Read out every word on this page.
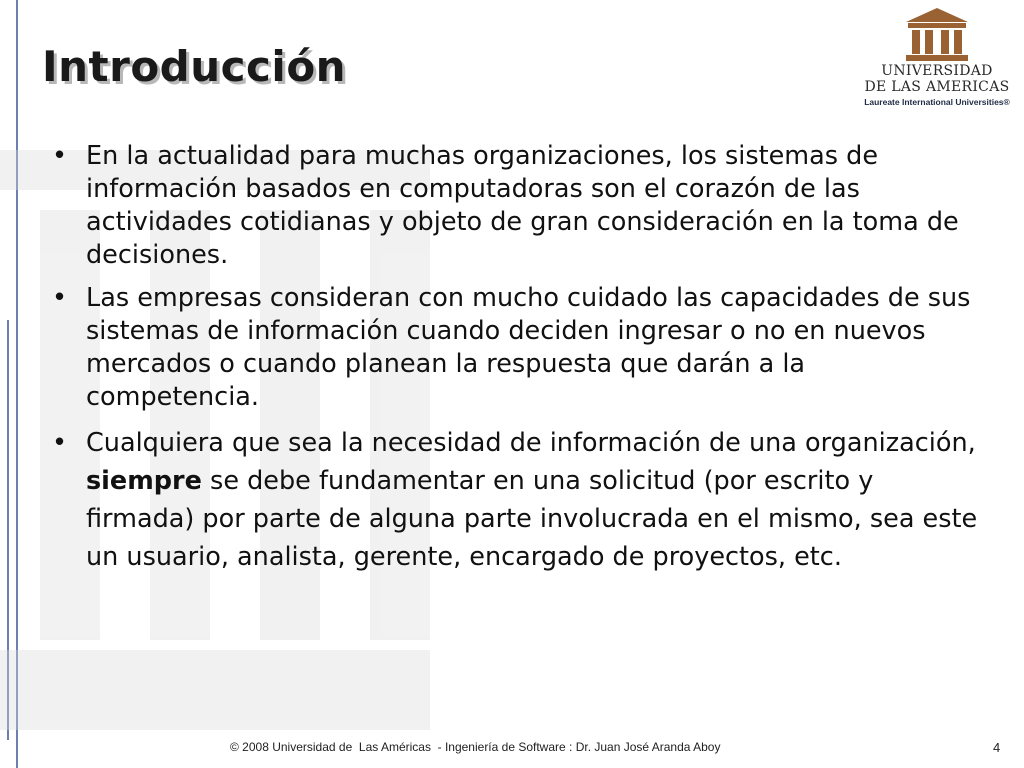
Introducción	UNIVERSIDAD
DE LAS AMERICAS
Laureate International Universities®
• En la actualidad para muchas organizaciones, los sistemas de información basados en computadoras son el corazón de las actividades cotidianas y objeto de gran consideración en la toma de decisiones.
• Las empresas consideran con mucho cuidado las capacidades de sus sistemas de información cuando deciden ingresar o no en nuevos mercados o cuando planean la respuesta que darán a la competencia.
• Cualquiera que sea la necesidad de información de una organización, siempre se debe fundamentar en una solicitud (por escrito y firmada) por parte de alguna parte involucrada en el mismo, sea este un usuario, analista, gerente, encargado de proyectos, etc.
© 2008 Universidad de  Las Américas  - Ingeniería de Software : Dr. Juan José Aranda Aboy	4
